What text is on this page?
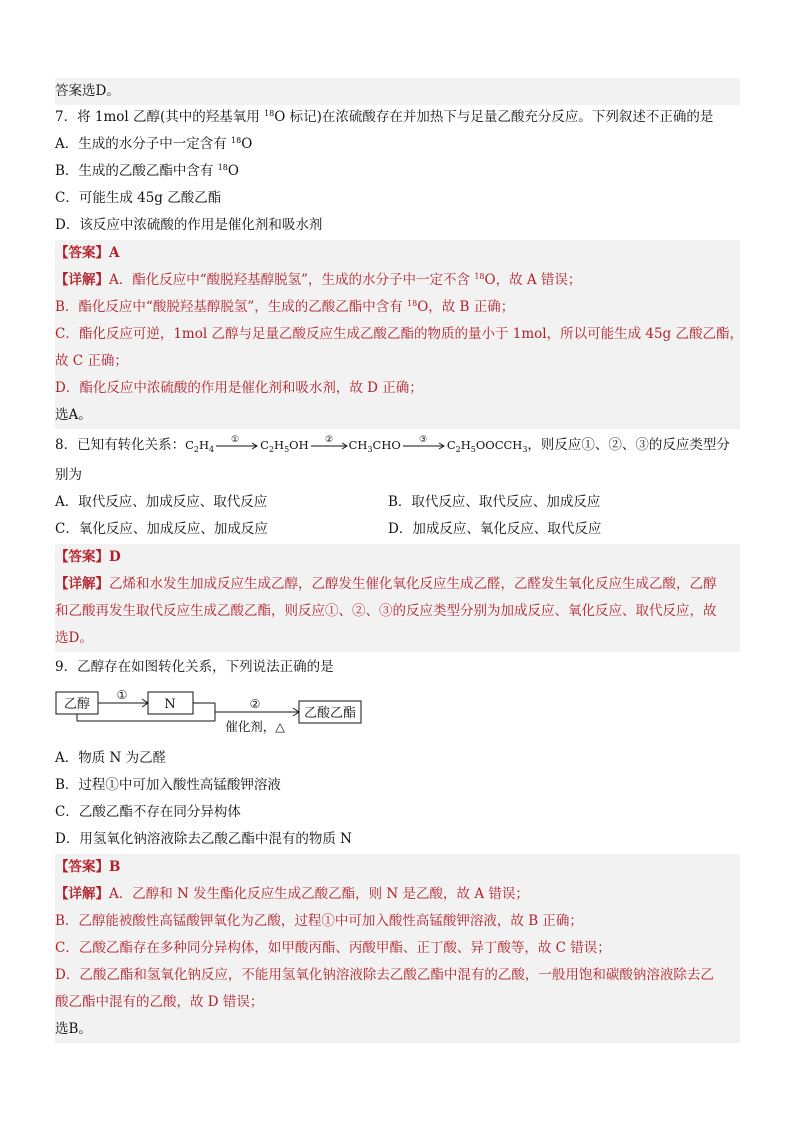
答案选D。
7．将 1mol 乙醇(其中的羟基氧用 $^{18}$O 标记)在浓硫酸存在并加热下与足量乙酸充分反应。下列叙述不正确的是
A．生成的水分子中一定含有 $^{18}$O
B．生成的乙酸乙酯中含有 $^{18}$O
C．可能生成 45g 乙酸乙酯
D．该反应中浓硫酸的作用是催化剂和吸水剂
【答案】A
【详解】A．酯化反应中“酸脱羟基醇脱氢”，生成的水分子中一定不含 $^{18}$O，故 A 错误；
B．酯化反应中“酸脱羟基醇脱氢”，生成的乙酸乙酯中含有 $^{18}$O，故 B 正确；
C．酯化反应可逆，1mol 乙醇与足量乙酸反应生成乙酸乙酯的物质的量小于 1mol，所以可能生成 45g 乙酸乙酯，
故 C 正确；
D．酯化反应中浓硫酸的作用是催化剂和吸水剂，故 D 正确；
选A。
8．已知有转化关系：$C_2H_4$
① $C_2H_5OH$ ② $CH_3CHO$ ③ $C_2H_5OOCCH_3$，则反应①、②、③的反应类型分
别为
A．取代反应、加成反应、取代反应	B．取代反应、取代反应、加成反应
C．氧化反应、加成反应、加成反应	D．加成反应、氧化反应、取代反应
【答案】D
【详解】乙烯和水发生加成反应生成乙醇，乙醇发生催化氧化反应生成乙醛，乙醛发生氧化反应生成乙酸，乙醇
和乙酸再发生取代反应生成乙酸乙酯，则反应①、②、③的反应类型分别为加成反应、氧化反应、取代反应，故
选D。
9．乙醇存在如图转化关系，下列说法正确的是
乙醇
①
N	②
催化剂，△
乙酸乙酯
A．物质 N 为乙醛
B．过程①中可加入酸性高锰酸钾溶液
C．乙酸乙酯不存在同分异构体
D．用氢氧化钠溶液除去乙酸乙酯中混有的物质 N
【答案】B
【详解】A．乙醇和 N 发生酯化反应生成乙酸乙酯，则 N 是乙酸，故 A 错误；
B．乙醇能被酸性高锰酸钾氧化为乙酸，过程①中可加入酸性高锰酸钾溶液，故 B 正确；
C．乙酸乙酯存在多种同分异构体，如甲酸丙酯、丙酸甲酯、正丁酸、异丁酸等，故 C 错误；
D．乙酸乙酯和氢氧化钠反应，不能用氢氧化钠溶液除去乙酸乙酯中混有的乙酸，一般用饱和碳酸钠溶液除去乙
酸乙酯中混有的乙酸，故 D 错误；
选B。
